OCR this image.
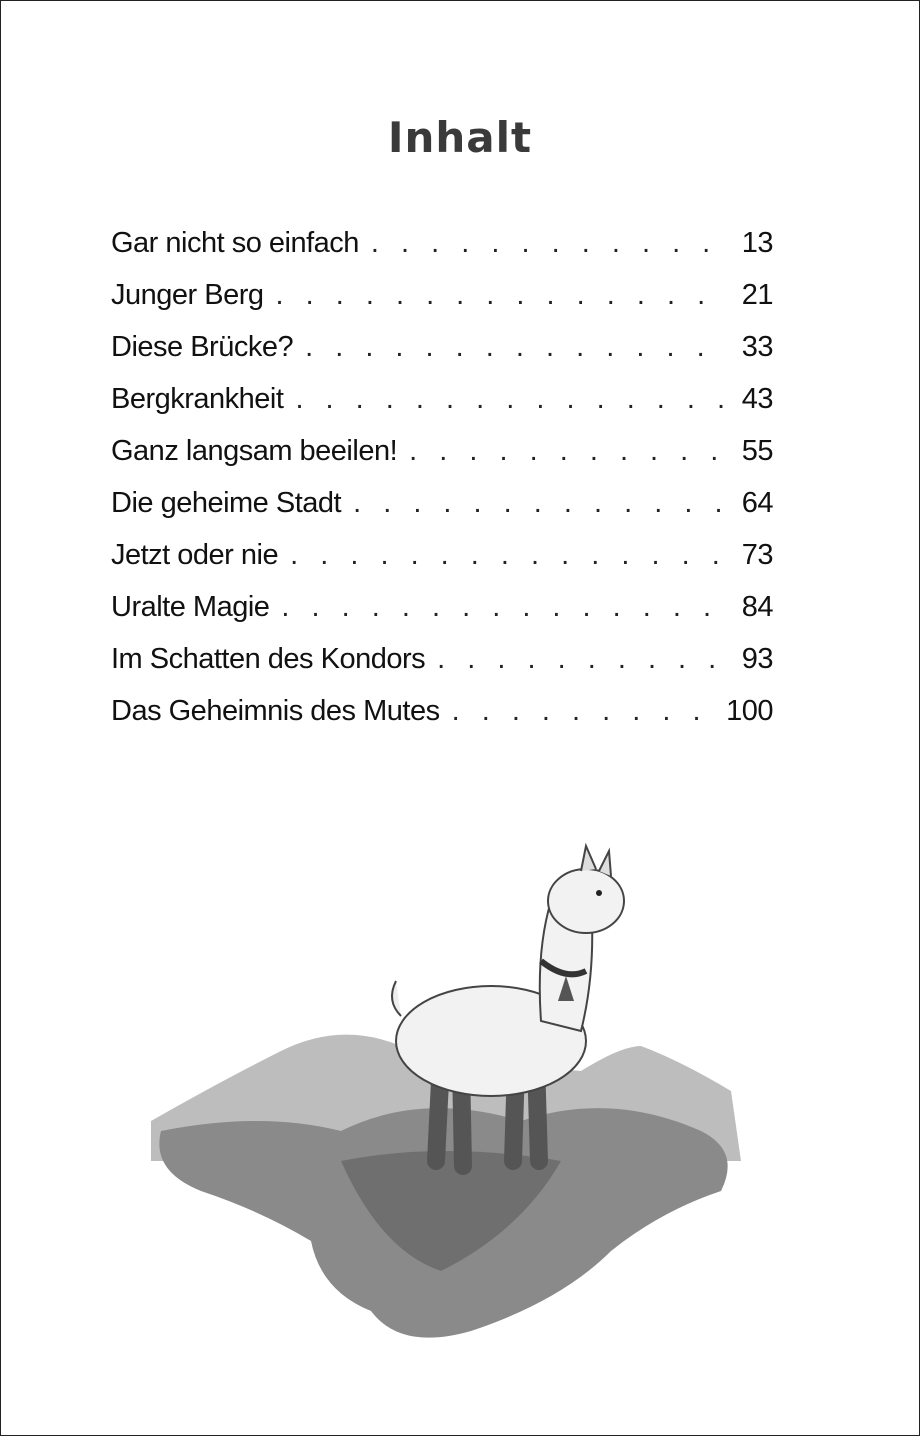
Inhalt
Gar nicht so einfach . . .	13
Junger Berg . . .	21
Diese Brücke? . . .	33
Bergkrankheit . . .	43
Ganz langsam beeilen! . . .	55
Die geheime Stadt . . .	64
Jetzt oder nie . . .	73
Uralte Magie . . .	84
Im Schatten des Kondors . . .	93
Das Geheimnis des Mutes . . .	100
